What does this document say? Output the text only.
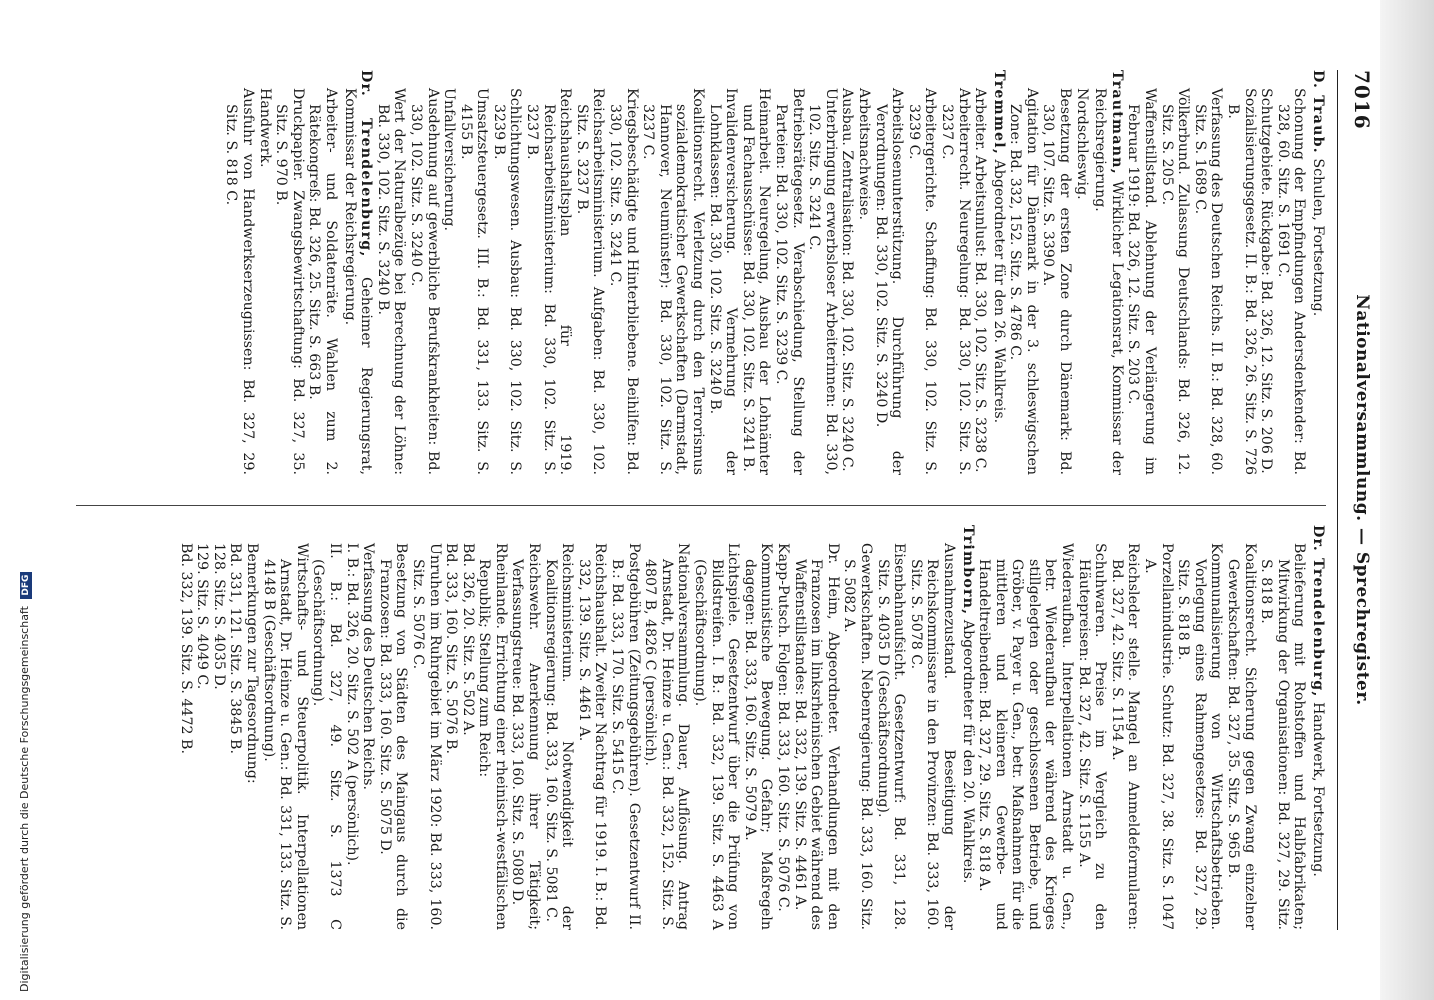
7016
Nationalversammlung. — Sprechregister.
D. Traub. Schulen, Fortsetzung.
Schonung der Empfindungen Andersdenkender: Bd. 328, 60. Sitz. S. 1691 C.
Schutzgebiete. Rückgabe: Bd. 326, 12. Sitz. S. 206 D.
Sozialisierungsgesetz. II. B.: Bd. 326, 26. Sitz. S. 726 B.
Verfassung des Deutschen Reichs. II. B.: Bd. 328, 60. Sitz. S. 1689 C.
Völkerbund. Zulassung Deutschlands: Bd. 326, 12. Sitz. S. 205 C.
Waffenstillstand. Ablehnung der Verlängerung im Februar 1919: Bd. 326, 12. Sitz. S. 203 C.
Trautmann, Wirklicher Legationsrat, Kommissar der Reichsregierung.
Nordschleswig.
Besetzung der ersten Zone durch Dänemark: Bd. 330, 107. Sitz. S. 3390 A.
Agitation für Dänemark in der 3. schleswigschen Zone: Bd. 332, 152. Sitz. S. 4786 C.
Tremmel, Abgeordneter für den 26. Wahlkreis.
Arbeiter. Arbeitsunlust: Bd. 330, 102. Sitz. S. 3238 C.
Arbeiterrecht. Neuregelung: Bd. 330, 102. Sitz. S. 3237 C.
Arbeitergerichte. Schaffung: Bd. 330, 102. Sitz. S. 3239 C.
Arbeitslosenunterstützung. Durchführung der Verordnungen: Bd. 330, 102. Sitz. S. 3240 D.
Arbeitsnachweise.
Ausbau. Zentralisation: Bd. 330, 102. Sitz. S. 3240 C.
Unterbringung erwerbsloser Arbeiterinnen: Bd. 330, 102. Sitz. S. 3241 C.
Betriebsrätegesetz. Verabschiedung, Stellung der Parteien: Bd. 330, 102. Sitz. S. 3239 C.
Heimarbeit. Neuregelung, Ausbau der Lohnämter und Fachausschüsse: Bd. 330, 102. Sitz. S. 3241 B.
Invalidenversicherung. Vermehrung der Lohnklassen: Bd. 330, 102. Sitz. S. 3240 B.
Koalitionsrecht. Verletzung durch den Terrorismus sozialdemokratischer Gewerkschaften (Darmstadt, Hannover, Neumünster): Bd. 330, 102. Sitz. S. 3237 C.
Kriegsbeschädigte und Hinterbliebene. Beihilfen: Bd. 330, 102. Sitz. S. 3241 C.
Reichsarbeitsministerium. Aufgaben: Bd. 330, 102. Sitz. S. 3237 B.
Reichshaushaltsplan für 1919. Reichsarbeitsministerium: Bd. 330, 102. Sitz. S. 3237 B.
Schlichtungswesen. Ausbau: Bd. 330, 102. Sitz. S. 3239 B.
Umsatzsteuergesetz. III. B.: Bd. 331, 133. Sitz. S. 4155 B.
Unfallversicherung.
Ausdehnung auf gewerbliche Berufskrankheiten: Bd. 330, 102. Sitz. S. 3240 C.
Wert der Naturalbezüge bei Berechnung der Löhne: Bd. 330, 102. Sitz. S. 3240 B.
Dr. Trendelenburg, Geheimer Regierungsrat, Kommissar der Reichsregierung.
Arbeiter- und Soldatenräte. Wahlen zum 2. Rätekongreß: Bd. 326, 25. Sitz. S. 663 B.
Druckpapier. Zwangsbewirtschaftung: Bd. 327, 35. Sitz. S. 970 B.
Handwerk.
Ausfuhr von Handwerkserzeugnissen: Bd. 327, 29. Sitz. S. 818 C.
Dr. Trendelenburg, Handwerk, Fortsetzung.
Belieferung mit Rohstoffen und Halbfabrikaten; Mitwirkung der Organisationen: Bd. 327, 29. Sitz. S. 818 B.
Koalitionsrecht. Sicherung gegen Zwang einzelner Gewerkschaften: Bd. 327, 35. Sitz. S. 965 B.
Kommunalisierung von Wirtschaftsbetrieben. Vorlegung eines Rahmengesetzes: Bd. 327, 29. Sitz. S. 818 B.
Porzellanindustrie. Schutz: Bd. 327, 38. Sitz. S. 1047 A.
Reichsleder stelle. Mangel an Anmeldeformularen: Bd. 327, 42. Sitz. S. 1154 A.
Schuhwaren. Preise im Vergleich zu den Häutepreisen: Bd. 327, 42. Sitz. S. 1155 A.
Wiederaufbau. Interpellationen Arnstadt u. Gen., betr. Wiederaufbau der während des Krieges stillgelegten oder geschlossenen Betriebe, und Gröber, v. Payer u. Gen., betr. Maßnahmen für die mittleren und kleineren Gewerbe- und Handeltreibenden: Bd. 327, 29. Sitz. S. 818 A.
Trimborn, Abgeordneter für den 20. Wahlkreis.
Ausnahmezustand. Beseitigung der Reichskommissare in den Provinzen: Bd. 333, 160. Sitz. S. 5078 C.
Eisenbahnaufsicht. Gesetzentwurf: Bd. 331, 128. Sitz. S. 4035 D (Geschäftsordnung).
Gewerkschaften. Nebenregierung: Bd. 333, 160. Sitz. S. 5082 A.
Dr. Heim, Abgeordneter. Verhandlungen mit den Franzosen im linksrheinischen Gebiet während des Waffenstillstandes: Bd. 332, 139. Sitz. S. 4461 A.
Kapp-Putsch. Folgen: Bd. 333, 160. Sitz. S. 5076 C.
Kommunistische Bewegung. Gefahr; Maßregeln dagegen: Bd. 333, 160. Sitz. S. 5079 A.
Lichtspiele. Gesetzentwurf über die Prüfung von Bildstreifen. I. B.: Bd. 332, 139. Sitz. S. 4463 A (Geschäftsordnung).
Nationalversammlung. Dauer, Auflösung. Antrag Arnstadt, Dr. Heinze u. Gen.: Bd. 332, 152. Sitz. S. 4807 B, 4826 C (persönlich).
Postgebühren (Zeitungsgebühren). Gesetzentwurf II. B.: Bd. 333, 170. Sitz. S. 5415 C.
Reichshaushalt. Zweiter Nachtrag für 1919. I. B.: Bd. 332, 139. Sitz. S. 4461 A.
Reichsministerium. Notwendigkeit der Koalitionsregierung: Bd. 333, 160. Sitz. S. 5081 C.
Reichswehr. Anerkennung ihrer Tätigkeit; Verfassungstreue: Bd. 333, 160. Sitz. S. 5080 D.
Rheinlande. Errichtung einer rheinisch-westfälischen Republik; Stellung zum Reich:
Bd. 326, 20. Sitz. S. 502 A.
Bd. 333, 160. Sitz. S. 5076 B.
Unruhen im Ruhrgebiet im März 1920: Bd. 333, 160. Sitz. S. 5076 C.
Besetzung von Städten des Maingaus durch die Franzosen: Bd. 333, 160. Sitz. S. 5075 D.
Verfassung des Deutschen Reichs.
I. B.: Bd. 326, 20. Sitz. S. 502 A (persönlich).
II. B.: Bd. 327, 49. Sitz. S. 1373 C (Geschäftsordnung).
Wirtschafts- und Steuerpolitik. Interpellationen Arnstadt, Dr. Heinze u. Gen.: Bd. 331, 133. Sitz. S. 4148 B (Geschäftsordnung).
Bemerkungen zur Tagesordnung:
Bd. 331, 121. Sitz. S. 3845 B.
128. Sitz. S. 4035 D.
129. Sitz. S. 4049 C.
Bd. 332, 139. Sitz. S. 4472 B.
Digitalisierung gefördert durch die Deutsche Forschungsgemeinschaft DFG
